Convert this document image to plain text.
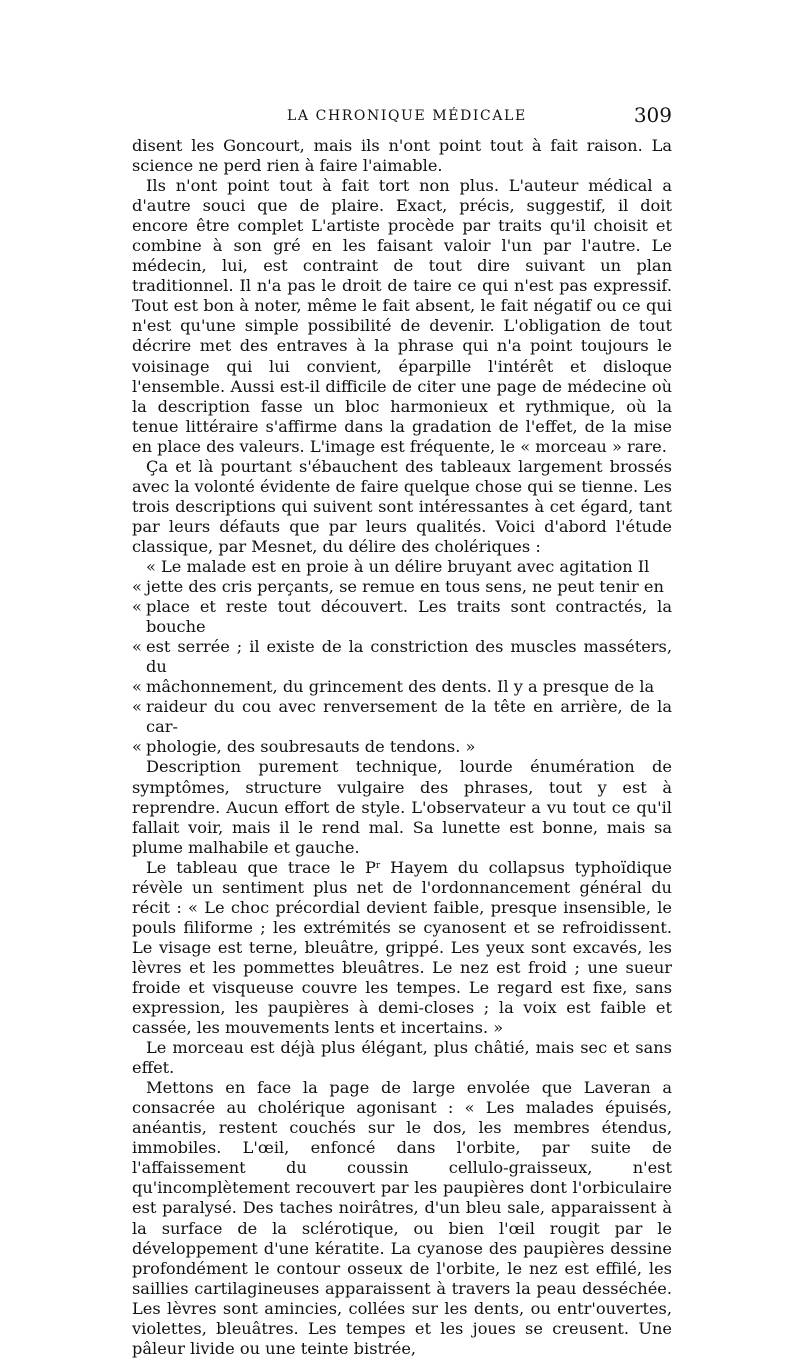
LA CHRONIQUE MÉDICALE	309

disent les Goncourt, mais ils n'ont point tout à fait raison. La science ne perd rien à faire l'aimable.

Ils n'ont point tout à fait tort non plus. L'auteur médical a d'autre souci que de plaire. Exact, précis, suggestif, il doit encore être complet L'artiste procède par traits qu'il choisit et combine à son gré en les faisant valoir l'un par l'autre. Le médecin, lui, est contraint de tout dire suivant un plan traditionnel. Il n'a pas le droit de taire ce qui n'est pas expressif. Tout est bon à noter, même le fait absent, le fait négatif ou ce qui n'est qu'une simple possibilité de devenir. L'obligation de tout décrire met des entraves à la phrase qui n'a point toujours le voisinage qui lui convient, éparpille l'intérêt et disloque l'ensemble. Aussi est-il difficile de citer une page de médecine où la description fasse un bloc harmonieux et rythmique, où la tenue littéraire s'affirme dans la gradation de l'effet, de la mise en place des valeurs. L'image est fréquente, le « morceau » rare.

Ça et là pourtant s'ébauchent des tableaux largement brossés avec la volonté évidente de faire quelque chose qui se tienne. Les trois descriptions qui suivent sont intéressantes à cet égard, tant par leurs défauts que par leurs qualités. Voici d'abord l'étude classique, par Mesnet, du délire des cholériques :

« Le malade est en proie à un délire bruyant avec agitation Il
« jette des cris perçants, se remue en tous sens, ne peut tenir en
« place et reste tout découvert. Les traits sont contractés, la bouche
« est serrée ; il existe de la constriction des muscles masséters, du
« mâchonnement, du grincement des dents. Il y a presque de la
« raideur du cou avec renversement de la tête en arrière, de la car-
« phologie, des soubresauts de tendons. »

Description purement technique, lourde énumération de symptômes, structure vulgaire des phrases, tout y est à reprendre. Aucun effort de style. L'observateur a vu tout ce qu'il fallait voir, mais il le rend mal. Sa lunette est bonne, mais sa plume malhabile et gauche.

Le tableau que trace le $P^r$ Hayem du collapsus typhoïdique révèle un sentiment plus net de l'ordonnancement général du récit : « Le choc précordial devient faible, presque insensible, le pouls filiforme ; les extrémités se cyanosent et se refroidissent. Le visage est terne, bleuâtre, grippé. Les yeux sont excavés, les lèvres et les pommettes bleuâtres. Le nez est froid ; une sueur froide et visqueuse couvre les tempes. Le regard est fixe, sans expression, les paupières à demi-closes ; la voix est faible et cassée, les mouvements lents et incertains. »

Le morceau est déjà plus élégant, plus châtié, mais sec et sans effet.

Mettons en face la page de large envolée que Laveran a consacrée au cholérique agonisant : « Les malades épuisés, anéantis, restent couchés sur le dos, les membres étendus, immobiles. L'œil, enfoncé dans l'orbite, par suite de l'affaissement du coussin cellulo-graisseux, n'est qu'incomplètement recouvert par les paupières dont l'orbiculaire est paralysé. Des taches noirâtres, d'un bleu sale, apparaissent à la surface de la sclérotique, ou bien l'œil rougit par le développement d'une kératite. La cyanose des paupières dessine profondément le contour osseux de l'orbite, le nez est effilé, les saillies cartilagineuses apparaissent à travers la peau desséchée. Les lèvres sont amincies, collées sur les dents, ou entr'ouvertes, violettes, bleuâtres. Les tempes et les joues se creusent. Une pâleur livide ou une teinte bistrée,
